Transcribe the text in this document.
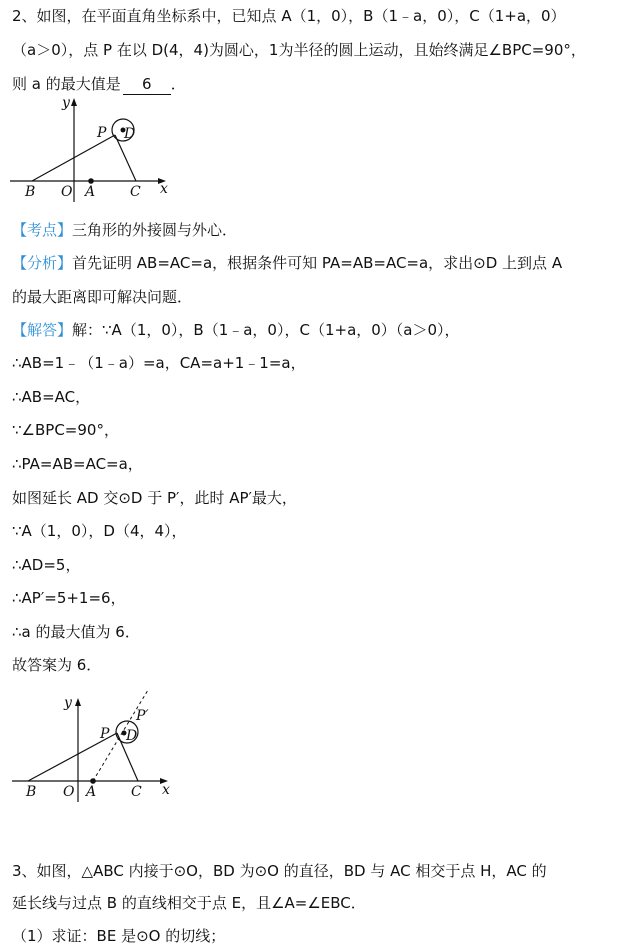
2、如图，在平面直角坐标系中，已知点 A（1，0），B（1﹣a，0），C（1+a，0）
（a＞0），点 P 在以 D(4，4)为圆心，1为半径的圆上运动，且始终满足∠BPC=90°，
则 a 的最大值是 6 ．
y
x
P D
B O A C
【考点】三角形的外接圆与外心．
【分析】首先证明 AB=AC=a，根据条件可知 PA=AB=AC=a，求出⊙D 上到点 A
的最大距离即可解决问题．
【解答】解：∵A（1，0），B（1﹣a，0），C（1+a，0）（a＞0），
∴AB=1﹣（1﹣a）=a，CA=a+1﹣1=a，
∴AB=AC，
∵∠BPC=90°，
∴PA=AB=AC=a，
如图延长 AD 交⊙D 于 P′，此时 AP′最大，
∵A（1，0），D（4，4），
∴AD=5，
∴AP′=5+1=6，
∴a 的最大值为 6．
故答案为 6．
y
x
P D
P′
B O A C
3、如图，△ABC 内接于⊙O，BD 为⊙O 的直径，BD 与 AC 相交于点 H，AC 的
延长线与过点 B 的直线相交于点 E，且∠A=∠EBC．
（1）求证：BE 是⊙O 的切线；
